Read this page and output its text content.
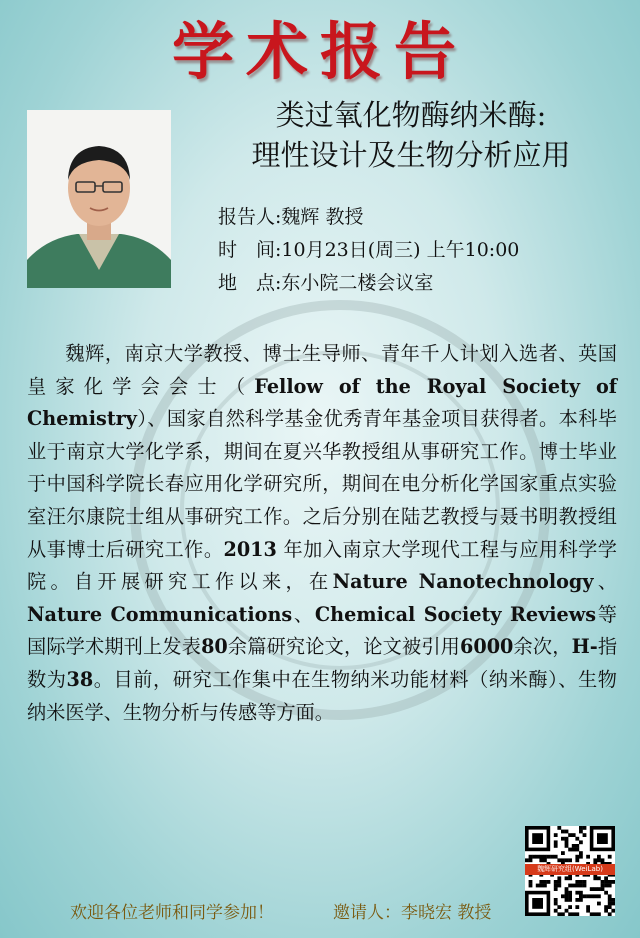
学术报告
类过氧化物酶纳米酶:
理性设计及生物分析应用
报告人:魏辉 教授
时　间:10月23日(周三) 上午10:00
地　点:东小院二楼会议室
魏辉，南京大学教授、博士生导师、青年千人计划入选者、英国皇家化学会会士（Fellow of the Royal Society of Chemistry）、国家自然科学基金优秀青年基金项目获得者。本科毕业于南京大学化学系，期间在夏兴华教授组从事研究工作。博士毕业于中国科学院长春应用化学研究所，期间在电分析化学国家重点实验室汪尔康院士组从事研究工作。之后分别在陆艺教授与聂书明教授组从事博士后研究工作。2013 年加入南京大学现代工程与应用科学学院。自开展研究工作以来，在Nature Nanotechnology、Nature Communications、Chemical Society Reviews等国际学术期刊上发表80余篇研究论文，论文被引用6000余次，H-指数为38。目前，研究工作集中在生物纳米功能材料（纳米酶）、生物纳米医学、生物分析与传感等方面。
魏辉研究组(WeiLab)
欢迎各位老师和同学参加！	邀请人：李晓宏 教授
